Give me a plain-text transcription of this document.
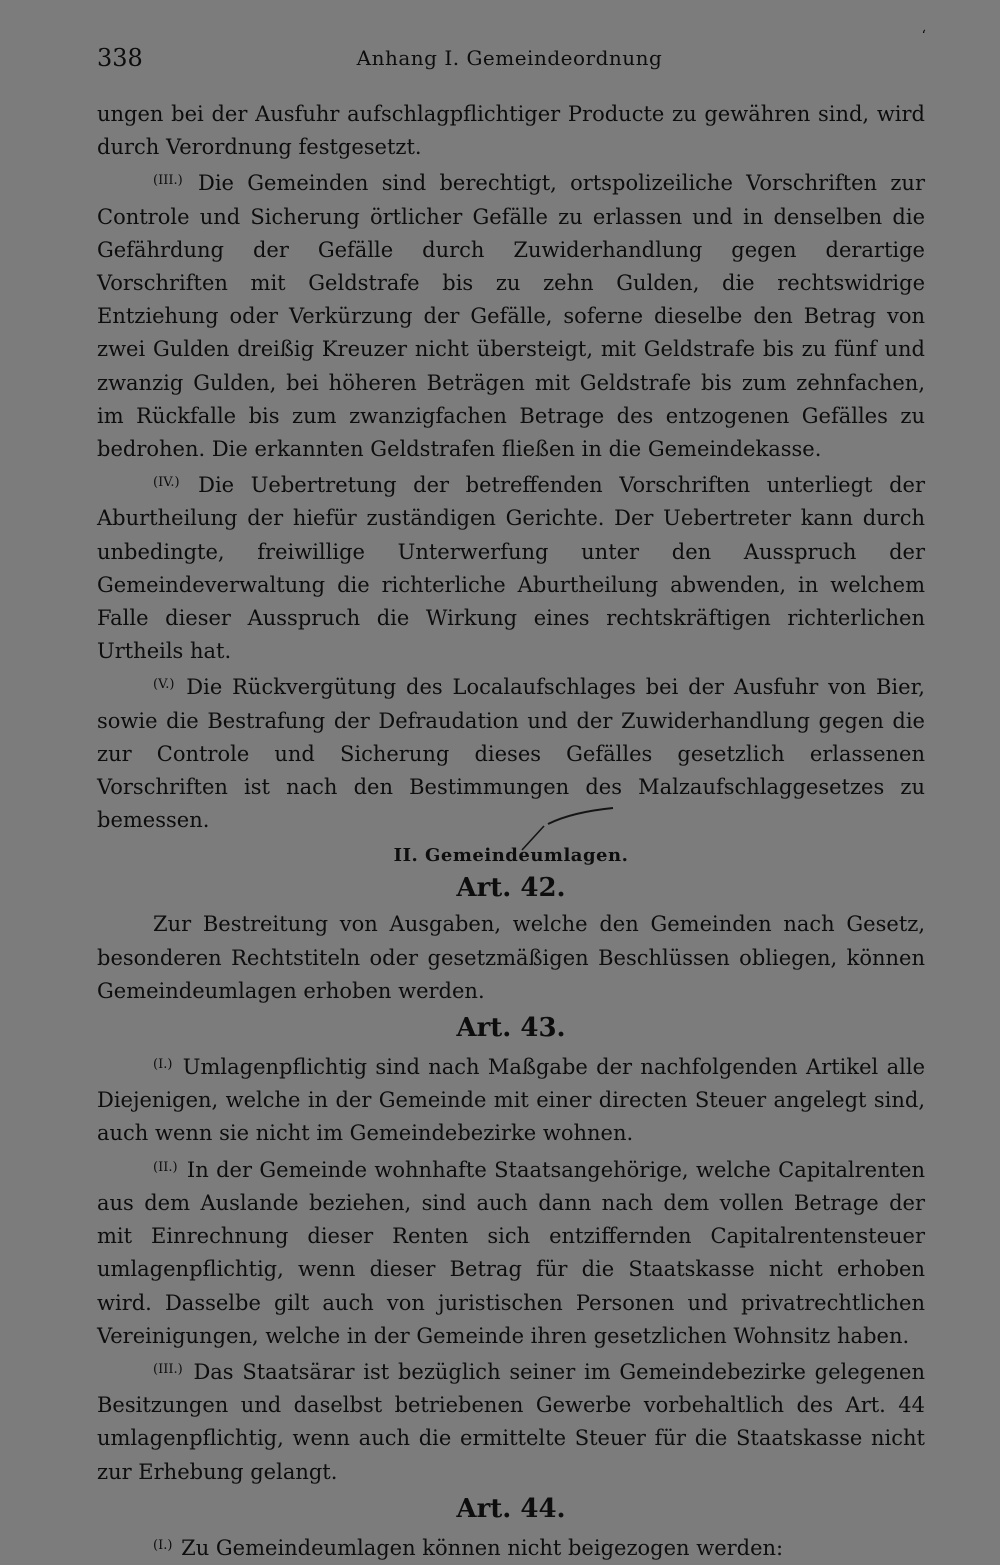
338	Anhang I. Gemeindeordnung
ʻ

ungen bei der Ausfuhr aufschlagpflichtiger Producte zu gewähren sind, wird durch Verordnung festgesetzt.

$^{(III.)}$ Die Gemeinden sind berechtigt, ortspolizeiliche Vorschriften zur Controle und Sicherung örtlicher Gefälle zu erlassen und in denselben die Gefährdung der Gefälle durch Zuwiderhandlung gegen derartige Vorschriften mit Geldstrafe bis zu zehn Gulden, die rechtswidrige Entziehung oder Verkürzung der Gefälle, soferne dieselbe den Betrag von zwei Gulden dreißig Kreuzer nicht übersteigt, mit Geldstrafe bis zu fünf und zwanzig Gulden, bei höheren Beträgen mit Geldstrafe bis zum zehnfachen, im Rückfalle bis zum zwanzigfachen Betrage des entzogenen Gefälles zu bedrohen. Die erkannten Geldstrafen fließen in die Gemeindekasse.

$^{(IV.)}$ Die Uebertretung der betreffenden Vorschriften unterliegt der Aburtheilung der hiefür zuständigen Gerichte. Der Uebertreter kann durch unbedingte, freiwillige Unterwerfung unter den Ausspruch der Gemeindeverwaltung die richterliche Aburtheilung abwenden, in welchem Falle dieser Ausspruch die Wirkung eines rechtskräftigen richterlichen Urtheils hat.

$^{(V.)}$ Die Rückvergütung des Localaufschlages bei der Ausfuhr von Bier, sowie die Bestrafung der Defraudation und der Zuwiderhandlung gegen die zur Controle und Sicherung dieses Gefälles gesetzlich erlassenen Vorschriften ist nach den Bestimmungen des Malzaufschlaggesetzes zu bemessen.

II. Gemeindeumlagen.
Art. 42.

Zur Bestreitung von Ausgaben, welche den Gemeinden nach Gesetz, besonderen Rechtstiteln oder gesetzmäßigen Beschlüssen obliegen, können Gemeindeumlagen erhoben werden.

Art. 43.

$^{(I.)}$ Umlagenpflichtig sind nach Maßgabe der nachfolgenden Artikel alle Diejenigen, welche in der Gemeinde mit einer directen Steuer angelegt sind, auch wenn sie nicht im Gemeindebezirke wohnen.

$^{(II.)}$ In der Gemeinde wohnhafte Staatsangehörige, welche Capitalrenten aus dem Auslande beziehen, sind auch dann nach dem vollen Betrage der mit Einrechnung dieser Renten sich entziffernden Capitalrentensteuer umlagenpflichtig, wenn dieser Betrag für die Staatskasse nicht erhoben wird. Dasselbe gilt auch von juristischen Personen und privatrechtlichen Vereinigungen, welche in der Gemeinde ihren gesetzlichen Wohnsitz haben.

$^{(III.)}$ Das Staatsärar ist bezüglich seiner im Gemeindebezirke gelegenen Besitzungen und daselbst betriebenen Gewerbe vorbehaltlich des Art. 44 umlagenpflichtig, wenn auch die ermittelte Steuer für die Staatskasse nicht zur Erhebung gelangt.

Art. 44.

$^{(I.)}$ Zu Gemeindeumlagen können nicht beigezogen werden:
